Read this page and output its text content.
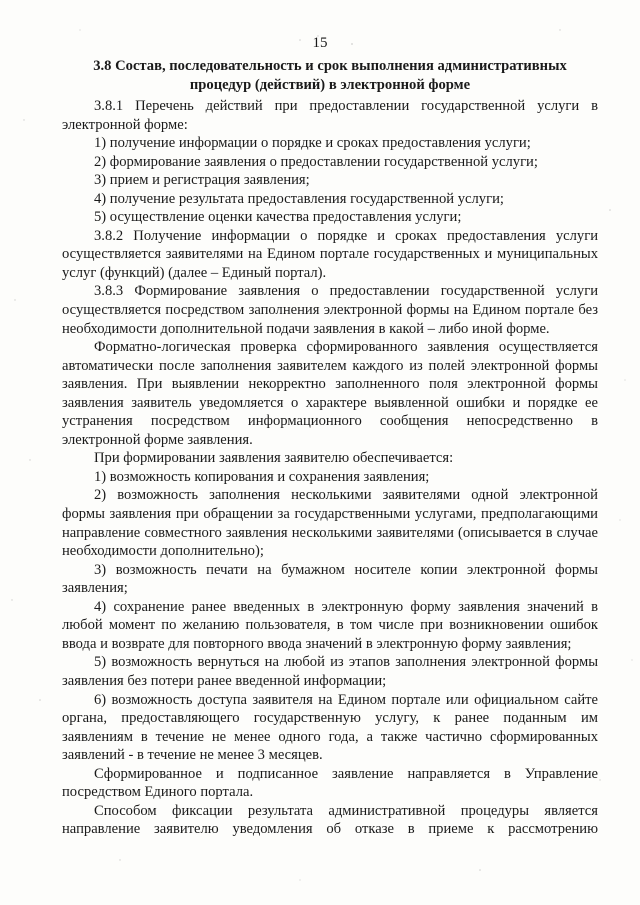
15
3.8 Состав, последовательность и срок выполнения административных
процедур (действий) в электронной форме

3.8.1 Перечень действий при предоставлении государственной услуги в электронной форме:

1) получение информации о порядке и сроках предоставления услуги;

2) формирование заявления о предоставлении государственной услуги;

3) прием и регистрация заявления;

4) получение результата предоставления государственной услуги;

5) осуществление оценки качества предоставления услуги;

3.8.2 Получение информации о порядке и сроках предоставления услуги осуществляется заявителями на Едином портале государственных и муниципальных услуг (функций) (далее – Единый портал).

3.8.3 Формирование заявления о предоставлении государственной услуги осуществляется посредством заполнения электронной формы на Едином портале без необходимости дополнительной подачи заявления в какой – либо иной форме.

Форматно-логическая проверка сформированного заявления осуществляется автоматически после заполнения заявителем каждого из полей электронной формы заявления. При выявлении некорректно заполненного поля электронной формы заявления заявитель уведомляется о характере выявленной ошибки и порядке ее устранения посредством информационного сообщения непосредственно в электронной форме заявления.

При формировании заявления заявителю обеспечивается:

1) возможность копирования и сохранения заявления;

2) возможность заполнения несколькими заявителями одной электронной формы заявления при обращении за государственными услугами, предполагающими направление совместного заявления несколькими заявителями (описывается в случае необходимости дополнительно);

3) возможность печати на бумажном носителе копии электронной формы заявления;

4) сохранение ранее введенных в электронную форму заявления значений в любой момент по желанию пользователя, в том числе при возникновении ошибок ввода и возврате для повторного ввода значений в электронную форму заявления;

5) возможность вернуться на любой из этапов заполнения электронной формы заявления без потери ранее введенной информации;

6) возможность доступа заявителя на Едином портале или официальном сайте органа, предоставляющего государственную услугу, к ранее поданным им заявлениям в течение не менее одного года, а также частично сформированных заявлений - в течение не менее 3 месяцев.

Сформированное и подписанное заявление направляется в Управление посредством Единого портала.

Способом фиксации результата административной процедуры является направление заявителю уведомления об отказе в приеме к рассмотрению
